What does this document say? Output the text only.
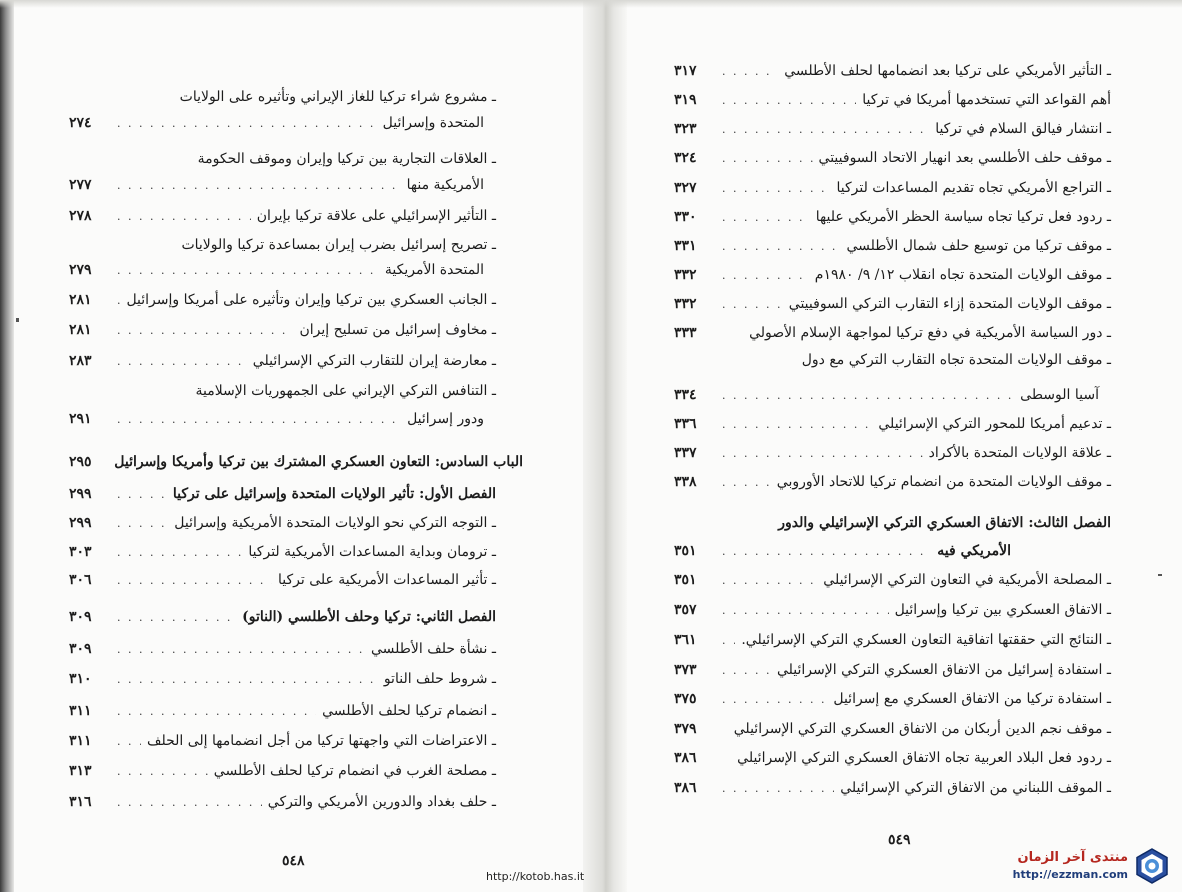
ـ مشروع شراء تركيا للغاز الإيراني وتأثيره على الولايات
المتحدة وإسرائيل
. . .
٢٧٤
ـ العلاقات التجارية بين تركيا وإيران وموقف الحكومة
الأمريكية منها
. . .
٢٧٧
ـ التأثير الإسرائيلي على علاقة تركيا بإيران
. . .
٢٧٨
ـ تصريح إسرائيل بضرب إيران بمساعدة تركيا والولايات
المتحدة الأمريكية
. . .
٢٧٩
ـ الجانب العسكري بين تركيا وإيران وتأثيره على أمريكا وإسرائيل
. . .
٢٨١
ـ مخاوف إسرائيل من تسليح إيران
. . .
٢٨١
ـ معارضة إيران للتقارب التركي الإسرائيلي
. . .
٢٨٣
ـ التنافس التركي الإيراني على الجمهوريات الإسلامية
ودور إسرائيل
. . .
٢٩١
الباب السادس: التعاون العسكري المشترك بين تركيا وأمريكا وإسرائيل
٢٩٥
الفصل الأول: تأثير الولايات المتحدة وإسرائيل على تركيا
. . .
٢٩٩
ـ التوجه التركي نحو الولايات المتحدة الأمريكية وإسرائيل
. . .
٢٩٩
ـ ترومان وبداية المساعدات الأمريكية لتركيا
. . .
٣٠٣
ـ تأثير المساعدات الأمريكية على تركيا
. . .
٣٠٦
الفصل الثاني: تركيا وحلف الأطلسي (الناتو)
. . .
٣٠٩
ـ نشأة حلف الأطلسي
. . .
٣٠٩
ـ شروط حلف الناتو
. . .
٣١٠
ـ انضمام تركيا لحلف الأطلسي
. . .
٣١١
ـ الاعتراضات التي واجهتها تركيا من أجل انضمامها إلى الحلف
. . .
٣١١
ـ مصلحة الغرب في انضمام تركيا لحلف الأطلسي
. . .
٣١٣
ـ حلف بغداد والدورين الأمريكي والتركي
. . .
٣١٦
٥٤٨
ـ التأثير الأمريكي على تركيا بعد انضمامها لحلف الأطلسي
. . .
٣١٧
أهم القواعد التي تستخدمها أمريكا في تركيا
. . .
٣١٩
ـ انتشار فيالق السلام في تركيا
. . .
٣٢٣
ـ موقف حلف الأطلسي بعد انهيار الاتحاد السوفييتي
. . .
٣٢٤
ـ التراجع الأمريكي تجاه تقديم المساعدات لتركيا
. . .
٣٢٧
ـ ردود فعل تركيا تجاه سياسة الحظر الأمريكي عليها
. . .
٣٣٠
ـ موقف تركيا من توسيع حلف شمال الأطلسي
. . .
٣٣١
ـ موقف الولايات المتحدة تجاه انقلاب ١٢/ ٩/ ١٩٨٠م
. . .
٣٣٢
ـ موقف الولايات المتحدة إزاء التقارب التركي السوفييتي
. . .
٣٣٢
ـ دور السياسة الأمريكية في دفع تركيا لمواجهة الإسلام الأصولي
٣٣٣
ـ موقف الولايات المتحدة تجاه التقارب التركي مع دول
آسيا الوسطى
. . .
٣٣٤
ـ تدعيم أمريكا للمحور التركي الإسرائيلي
. . .
٣٣٦
ـ علاقة الولايات المتحدة بالأكراد
. . .
٣٣٧
ـ موقف الولايات المتحدة من انضمام تركيا للاتحاد الأوروبي
. . .
٣٣٨
الفصل الثالث: الاتفاق العسكري التركي الإسرائيلي والدور
الأمريكي فيه
. . .
٣٥١
ـ المصلحة الأمريكية في التعاون التركي الإسرائيلي
. . .
٣٥١
ـ الاتفاق العسكري بين تركيا وإسرائيل
. . .
٣٥٧
ـ النتائج التي حققتها اتفاقية التعاون العسكري التركي الإسرائيلي.
. . .
٣٦١
ـ استفادة إسرائيل من الاتفاق العسكري التركي الإسرائيلي
. . .
٣٧٣
ـ استفادة تركيا من الاتفاق العسكري مع إسرائيل
. . .
٣٧٥
ـ موقف نجم الدين أربكان من الاتفاق العسكري التركي الإسرائيلي
٣٧٩
ـ ردود فعل البلاد العربية تجاه الاتفاق العسكري التركي الإسرائيلي
٣٨٦
ـ الموقف اللبناني من الاتفاق التركي الإسرائيلي
. . .
٣٨٦
٥٤٩
http://kotob.has.it
منتدى آخر الزمان
http://ezzman.com
